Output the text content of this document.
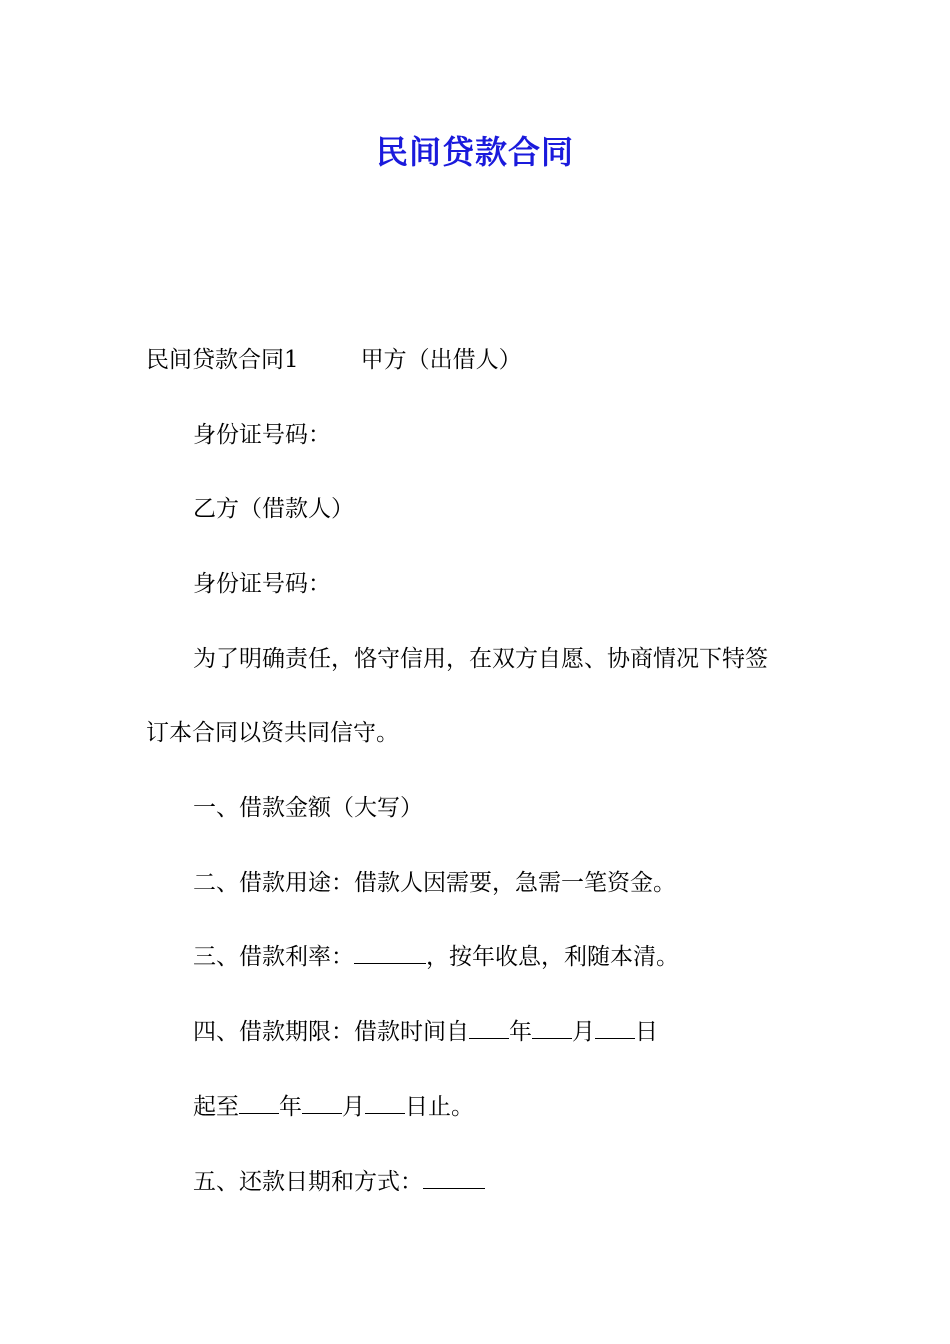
民间贷款合同
民间贷款合同1	甲方（出借人）
身份证号码：
乙方（借款人）
身份证号码：
为了明确责任，恪守信用，在双方自愿、协商情况下特签
订本合同以资共同信守。
一、借款金额（大写）
二、借款用途：借款人因需要，急需一笔资金。
三、借款利率：	，按年收息，利随本清。
四、借款期限：借款时间自 年 月 日
起至 年 月 日止。
五、还款日期和方式：
